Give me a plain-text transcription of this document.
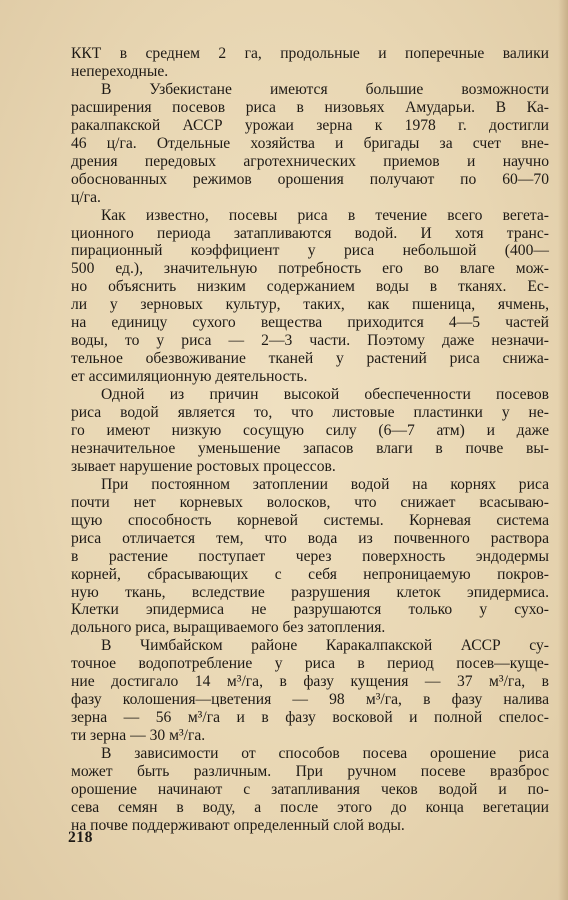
ККТ в среднем 2 га, продольные и поперечные валики
непереходные.
В Узбекистане имеются большие возможности
расширения посевов риса в низовьях Амударьи. В Ка-
ракалпакской АССР урожаи зерна к 1978 г. достигли
46 ц/га. Отдельные хозяйства и бригады за счет вне-
дрения передовых агротехнических приемов и научно
обоснованных режимов орошения получают по 60—70
ц/га.
Как известно, посевы риса в течение всего вегета-
ционного периода затапливаются водой. И хотя транс-
пирационный коэффициент у риса небольшой (400—
500 ед.), значительную потребность его во влаге мож-
но объяснить низким содержанием воды в тканях. Ес-
ли у зерновых культур, таких, как пшеница, ячмень,
на единицу сухого вещества приходится 4—5 частей
воды, то у риса — 2—3 части. Поэтому даже незначи-
тельное обезвоживание тканей у растений риса снижа-
ет ассимиляционную деятельность.
Одной из причин высокой обеспеченности посевов
риса водой является то, что листовые пластинки у не-
го имеют низкую сосущую силу (6—7 атм) и даже
незначительное уменьшение запасов влаги в почве вы-
зывает нарушение ростовых процессов.
При постоянном затоплении водой на корнях риса
почти нет корневых волосков, что снижает всасываю-
щую способность корневой системы. Корневая система
риса отличается тем, что вода из почвенного раствора
в растение поступает через поверхность эндодермы
корней, сбрасывающих с себя непроницаемую покров-
ную ткань, вследствие разрушения клеток эпидермиса.
Клетки эпидермиса не разрушаются только у сухо-
дольного риса, выращиваемого без затопления.
В Чимбайском районе Каракалпакской АССР су-
точное водопотребление у риса в период посев—куще-
ние достигало 14 м³/га, в фазу кущения — 37 м³/га, в
фазу колошения—цветения — 98 м³/га, в фазу налива
зерна — 56 м³/га и в фазу восковой и полной спелос-
ти зерна — 30 м³/га.
В зависимости от способов посева орошение риса
может быть различным. При ручном посеве вразброс
орошение начинают с затапливания чеков водой и по-
сева семян в воду, а после этого до конца вегетации
на почве поддерживают определенный слой воды.
218
